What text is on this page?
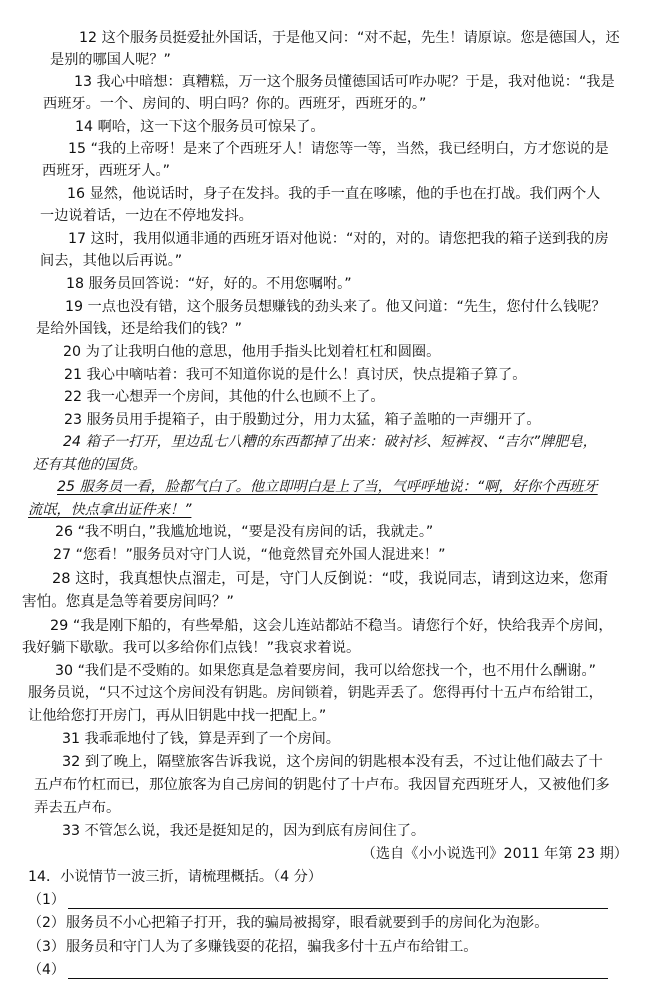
12 这个服务员挺爱扯外国话，于是他又问：“对不起，先生！请原谅。您是德国人，还
是别的哪国人呢？”
13 我心中暗想：真糟糕，万一这个服务员懂德国话可咋办呢？于是，我对他说：“我是
西班牙。一个、房间的、明白吗？你的。西班牙，西班牙的。”
14 啊哈，这一下这个服务员可惊呆了。
15 “我的上帝呀！是来了个西班牙人！请您等一等，当然，我已经明白，方才您说的是
西班牙，西班牙人。”
16 显然，他说话时，身子在发抖。我的手一直在哆嗦，他的手也在打战。我们两个人
一边说着话，一边在不停地发抖。
17 这时，我用似通非通的西班牙语对他说：“对的，对的。请您把我的箱子送到我的房
间去，其他以后再说。”
18 服务员回答说：“好，好的。不用您嘱咐。”
19 一点也没有错，这个服务员想赚钱的劲头来了。他又问道：“先生，您付什么钱呢？
是给外国钱，还是给我们的钱？”
20 为了让我明白他的意思，他用手指头比划着杠杠和圆圈。
21 我心中嘀咕着：我可不知道你说的是什么！真讨厌，快点提箱子算了。
22 我一心想弄一个房间，其他的什么也顾不上了。
23 服务员用手提箱子，由于殷勤过分，用力太猛，箱子盖啪的一声绷开了。
24 箱子一打开，里边乱七八糟的东西都掉了出来：破衬衫、短裤衩、“吉尔”牌肥皂，
还有其他的国货。
25 服务员一看，脸都气白了。他立即明白是上了当，气呼呼地说：“啊，好你个西班牙
流氓，快点拿出证件来！”
26 “我不明白，”我尴尬地说，“要是没有房间的话，我就走。”
27 “您看！”服务员对守门人说，“他竟然冒充外国人混进来！”
28 这时，我真想快点溜走，可是，守门人反倒说：“哎，我说同志，请到这边来，您甭
害怕。您真是急等着要房间吗？”
29 “我是刚下船的，有些晕船，这会儿连站都站不稳当。请您行个好，快给我弄个房间，
我好躺下歇歇。我可以多给你们点钱！”我哀求着说。
30 “我们是不受贿的。如果您真是急着要房间，我可以给您找一个，也不用什么酬谢。”
服务员说，“只不过这个房间没有钥匙。房间锁着，钥匙弄丢了。您得再付十五卢布给钳工，
让他给您打开房门，再从旧钥匙中找一把配上。”
31 我乖乖地付了钱，算是弄到了一个房间。
32 到了晚上，隔壁旅客告诉我说，这个房间的钥匙根本没有丢，不过让他们敲去了十
五卢布竹杠而已，那位旅客为自己房间的钥匙付了十卢布。我因冒充西班牙人，又被他们多
弄去五卢布。
33 不管怎么说，我还是挺知足的，因为到底有房间住了。
（选自《小小说选刊》2011 年第 23 期）
14．小说情节一波三折，请梳理概括。（4 分）
（1）
（2） 服务员不小心把箱子打开，我的骗局被揭穿，眼看就要到手的房间化为泡影。
（3） 服务员和守门人为了多赚钱耍的花招，骗我多付十五卢布给钳工。
（4）
